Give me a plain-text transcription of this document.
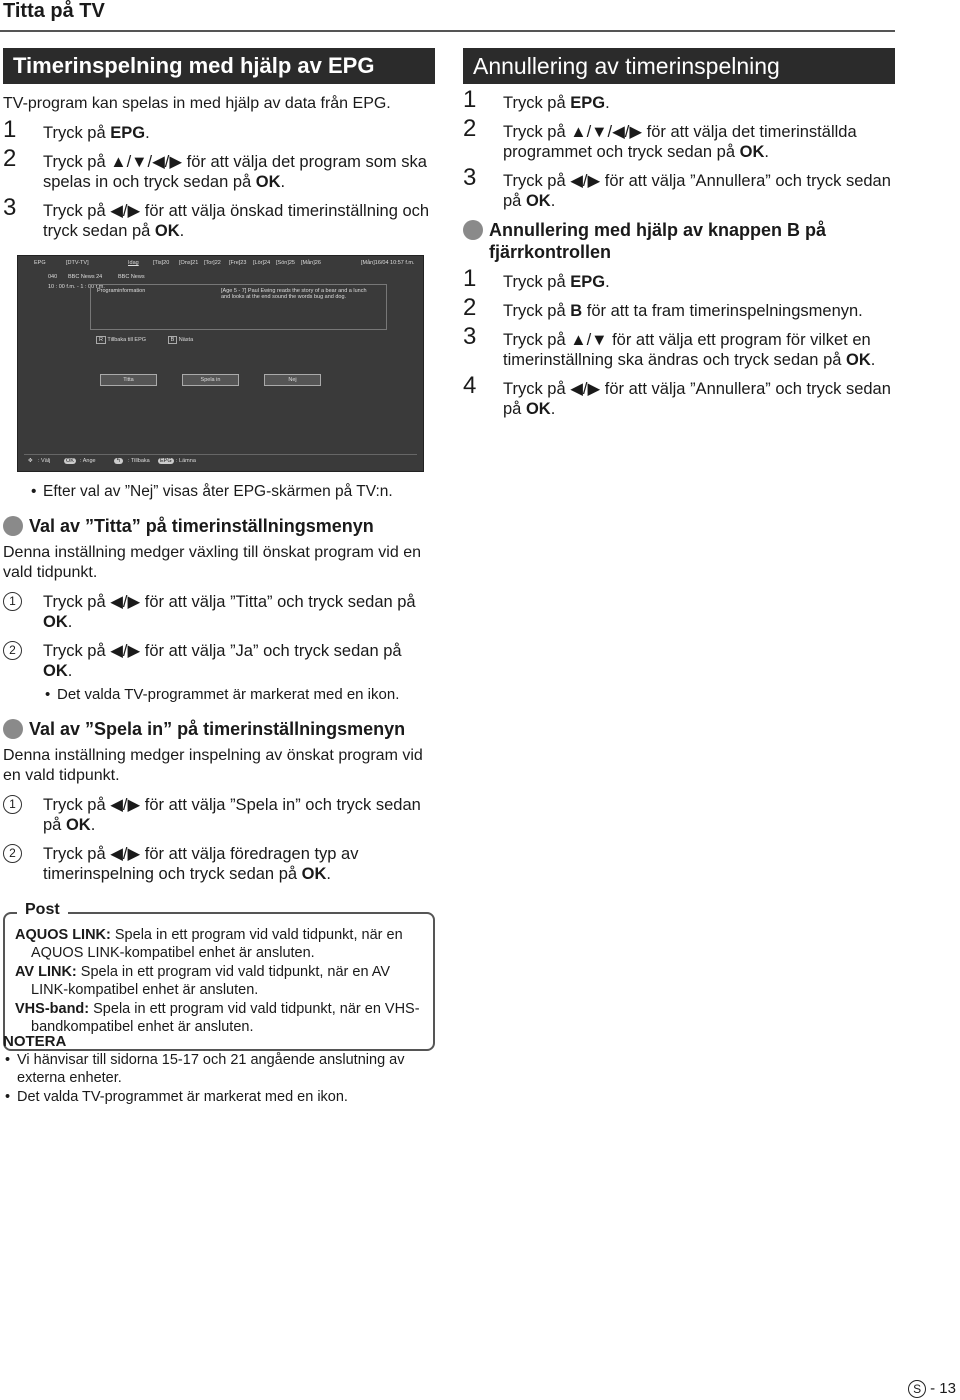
Titta på TV
Timerinspelning med hjälp av EPG
TV-program kan spelas in med hjälp av data från EPG.
1 Tryck på EPG.
2 Tryck på ▲/▼/◀/▶ för att välja det program som ska spelas in och tryck sedan på OK.
3 Tryck på ◀/▶ för att välja önskad timerinställning och tryck sedan på OK.
EPG	[DTV-TV]	Idag	[Tis]20 [Ons]21 [Tor]22 [Fre]23 [Lör]24 [Sön]25 [Mån]26	[Mån]16/04 10:57 f.m.
040 BBC News 24	BBC News
10 : 00 f.m. - 1 : 00 f.m.
Programinformation	[Age 5 - 7] Paul Ewing reads the story of a bear and a lunch and looks at the end sound the words bug and dog.
R Tillbaka till EPG	B Nästa
Titta	Spela in	Nej
✥ : Välj	OK	: Ange	↰	: Tillbaka	EPG : Lämna
• Efter val av ”Nej” visas åter EPG-skärmen på TV:n.
Val av ”Titta” på timerinställningsmenyn
Denna inställning medger växling till önskat program vid en vald tidpunkt.
1	Tryck på ◀/▶ för att välja ”Titta” och tryck sedan på OK.
2	Tryck på ◀/▶ för att välja ”Ja” och tryck sedan på OK.
• Det valda TV-programmet är markerat med en ikon.
Val av ”Spela in” på timerinställningsmenyn
Denna inställning medger inspelning av önskat program vid en vald tidpunkt.
1	Tryck på ◀/▶ för att välja ”Spela in” och tryck sedan på OK.
2	Tryck på ◀/▶ för att välja föredragen typ av timerinspelning och tryck sedan på OK.
Post
AQUOS LINK: Spela in ett program vid vald tidpunkt, när en AQUOS LINK-kompatibel enhet är ansluten.
AV LINK: Spela in ett program vid vald tidpunkt, när en AV LINK-kompatibel enhet är ansluten.
VHS-band: Spela in ett program vid vald tidpunkt, när en VHS-bandkompatibel enhet är ansluten.
NOTERA
• Vi hänvisar till sidorna 15-17 och 21 angående anslutning av externa enheter.
• Det valda TV-programmet är markerat med en ikon.
Annullering av timerinspelning
1 Tryck på EPG.
2 Tryck på ▲/▼/◀/▶ för att välja det timerinställda programmet och tryck sedan på OK.
3 Tryck på ◀/▶ för att välja ”Annullera” och tryck sedan på OK.
Annullering med hjälp av knappen B på fjärrkontrollen
1 Tryck på EPG.
2 Tryck på B för att ta fram timerinspelningsmenyn.
3 Tryck på ▲/▼ för att välja ett program för vilket en timerinställning ska ändras och tryck sedan på OK.
4 Tryck på ◀/▶ för att välja ”Annullera” och tryck sedan på OK.
S - 13
